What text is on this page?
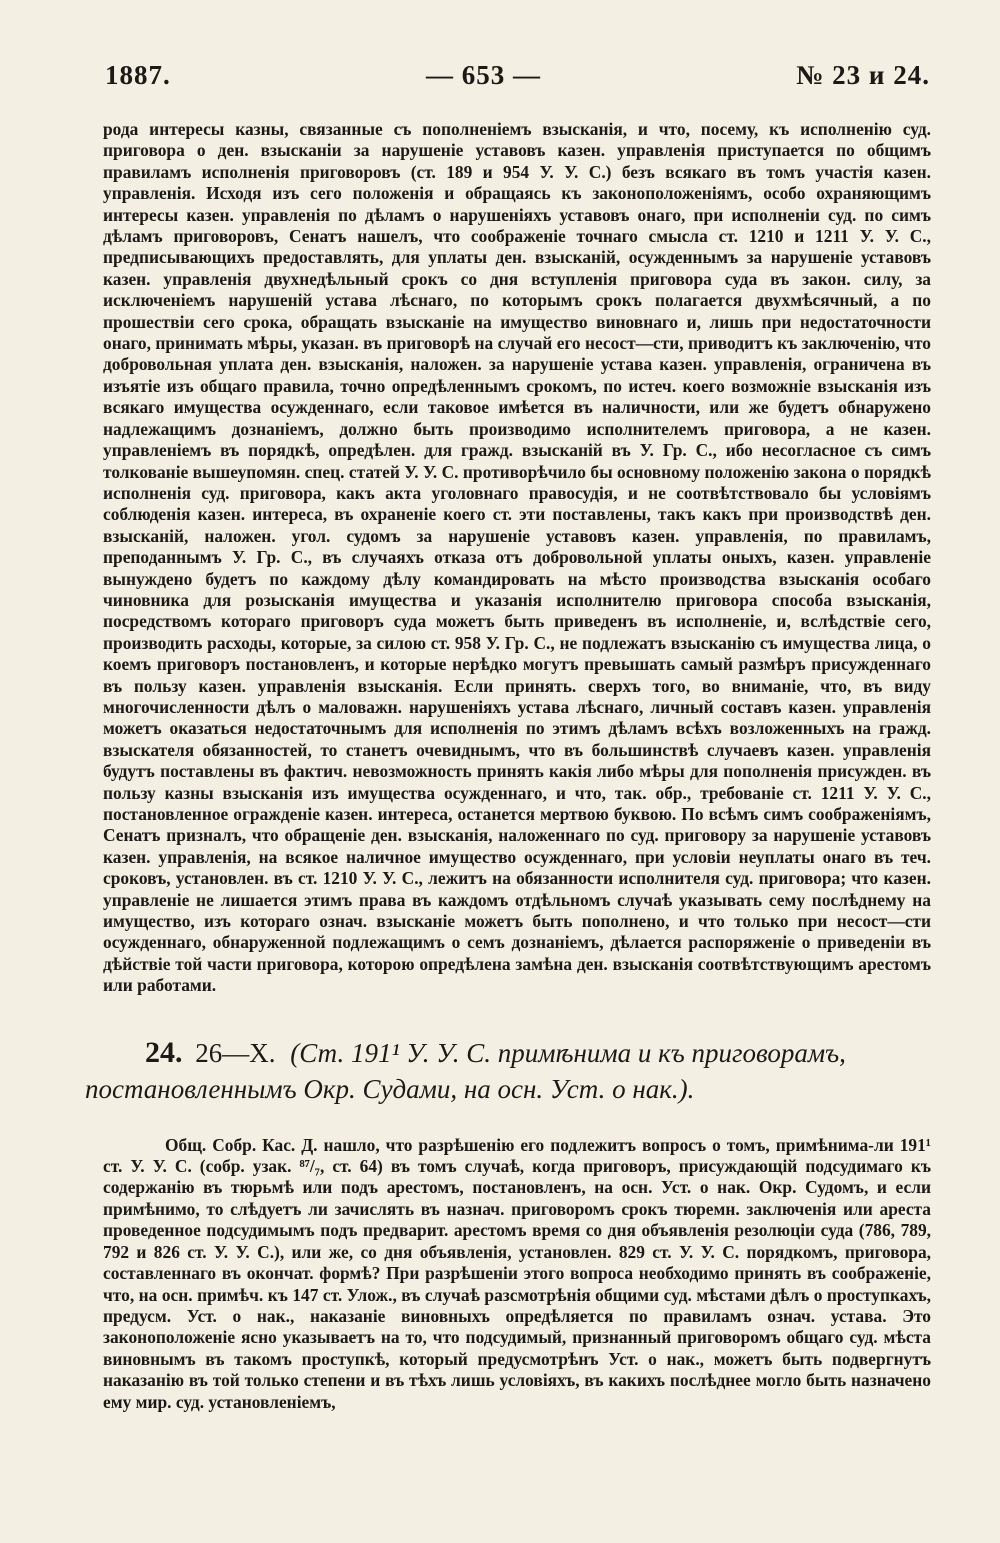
1887.	— 653 —	№ 23 и 24.

рода интересы казны, связанные съ пополненіемъ взысканія, и что, посему, къ исполненію суд. приговора о ден. взысканіи за нарушеніе уставовъ казен. управленія приступается по общимъ правиламъ исполненія приговоровъ (ст. 189 и 954 У. У. С.) безъ всякаго въ томъ участія казен. управленія. Исходя изъ сего положенія и обращаясь къ законоположеніямъ, особо охраняющимъ интересы казен. управленія по дѣламъ о нарушеніяхъ уставовъ онаго, при исполненіи суд. по симъ дѣламъ приговоровъ, Сенатъ нашелъ, что соображеніе точнаго смысла ст. 1210 и 1211 У. У. С., предписывающихъ предоставлять, для уплаты ден. взысканій, осужденнымъ за нарушеніе уставовъ казен. управленія двухнедѣльный срокъ со дня вступленія приговора суда въ закон. силу, за исключеніемъ нарушеній устава лѣснаго, по которымъ срокъ полагается двухмѣсячный, а по прошествіи сего срока, обращать взысканіе на имущество виновнаго и, лишь при недостаточности онаго, принимать мѣры, указан. въ приговорѣ на случай его несост—сти, приводитъ къ заключенію, что добровольная уплата ден. взысканія, наложен. за нарушеніе устава казен. управленія, ограничена въ изъятіе изъ общаго правила, точно опредѣленнымъ срокомъ, по истеч. коего возможніе взысканія изъ всякаго имущества осужденнаго, если таковое имѣется въ наличности, или же будетъ обнаружено надлежащимъ дознаніемъ, должно быть производимо исполнителемъ приговора, а не казен. управленіемъ въ порядкѣ, опредѣлен. для гражд. взысканій въ У. Гр. С., ибо несогласное съ симъ толкованіе вышеупомян. спец. статей У. У. С. противорѣчило бы основному положенію закона о порядкѣ исполненія суд. приговора, какъ акта уголовнаго правосудія, и не соотвѣтствовало бы условіямъ соблюденія казен. интереса, въ охраненіе коего ст. эти поставлены, такъ какъ при производствѣ ден. взысканій, наложен. угол. судомъ за нарушеніе уставовъ казен. управленія, по правиламъ, преподаннымъ У. Гр. С., въ случаяхъ отказа отъ добровольной уплаты оныхъ, казен. управленіе вынуждено будетъ по каждому дѣлу командировать на мѣсто производства взысканія особаго чиновника для розысканія имущества и указанія исполнителю приговора способа взысканія, посредствомъ котораго приговоръ суда можетъ быть приведенъ въ исполненіе, и, вслѣдствіе сего, производить расходы, которые, за силою ст. 958 У. Гр. С., не подлежатъ взысканію съ имущества лица, о коемъ приговоръ постановленъ, и которые нерѣдко могутъ превышать самый размѣръ присужденнаго въ пользу казен. управленія взысканія. Если принять. сверхъ того, во вниманіе, что, въ виду многочисленности дѣлъ о маловажн. нарушеніяхъ устава лѣснаго, личный составъ казен. управленія можетъ оказаться недостаточнымъ для исполненія по этимъ дѣламъ всѣхъ возложенныхъ на гражд. взыскателя обязанностей, то станетъ очевиднымъ, что въ большинствѣ случаевъ казен. управленія будутъ поставлены въ фактич. невозможность принять какія либо мѣры для пополненія присужден. въ пользу казны взысканія изъ имущества осужденнаго, и что, так. обр., требованіе ст. 1211 У. У. С., постановленное огражденіе казен. интереса, останется мертвою буквою. По всѣмъ симъ соображеніямъ, Сенатъ призналъ, что обращеніе ден. взысканія, наложеннаго по суд. приговору за нарушеніе уставовъ казен. управленія, на всякое наличное имущество осужденнаго, при условіи неуплаты онаго въ теч. сроковъ, установлен. въ ст. 1210 У. У. С., лежитъ на обязанности исполнителя суд. приговора; что казен. управленіе не лишается этимъ права въ каждомъ отдѣльномъ случаѣ указывать сему послѣднему на имущество, изъ котораго означ. взысканіе можетъ быть пополнено, и что только при несост—сти осужденнаго, обнаруженной подлежащимъ о семъ дознаніемъ, дѣлается распоряженіе о приведеніи въ дѣйствіе той части приговора, которою опредѣлена замѣна ден. взысканія соотвѣтствующимъ арестомъ или работами.

24. 26—X. (Ст. 191¹ У. У. С. примѣнима и къ приговорамъ,
постановленнымъ Окр. Судами, на осн. Уст. о нак.).

Общ. Собр. Кас. Д. нашло, что разрѣшенію его подлежитъ вопросъ о томъ, примѣнима-ли 191¹ ст. У. У. С. (собр. узак. ⁸⁷/₇, ст. 64) въ томъ случаѣ, когда приговоръ, присуждающій подсудимаго къ содержанію въ тюрьмѣ или подъ арестомъ, постановленъ, на осн. Уст. о нак. Окр. Судомъ, и если примѣнимо, то слѣдуетъ ли зачислять въ назнач. приговоромъ срокъ тюремн. заключенія или ареста проведенное подсудимымъ подъ предварит. арестомъ время со дня объявленія резолюціи суда (786, 789, 792 и 826 ст. У. У. С.), или же, со дня объявленія, установлен. 829 ст. У. У. С. порядкомъ, приговора, составленнаго въ окончат. формѣ? При разрѣшеніи этого вопроса необходимо принять въ соображеніе, что, на осн. примѣч. къ 147 ст. Улож., въ случаѣ разсмотрѣнія общими суд. мѣстами дѣлъ о проступкахъ, предусм. Уст. о нак., наказаніе виновныхъ опредѣляется по правиламъ означ. устава. Это законоположеніе ясно указываетъ на то, что подсудимый, признанный приговоромъ общаго суд. мѣста виновнымъ въ такомъ проступкѣ, который предусмотрѣнъ Уст. о нак., можетъ быть подвергнутъ наказанію въ той только степени и въ тѣхъ лишь условіяхъ, въ какихъ послѣднее могло быть назначено ему мир. суд. установленіемъ,
